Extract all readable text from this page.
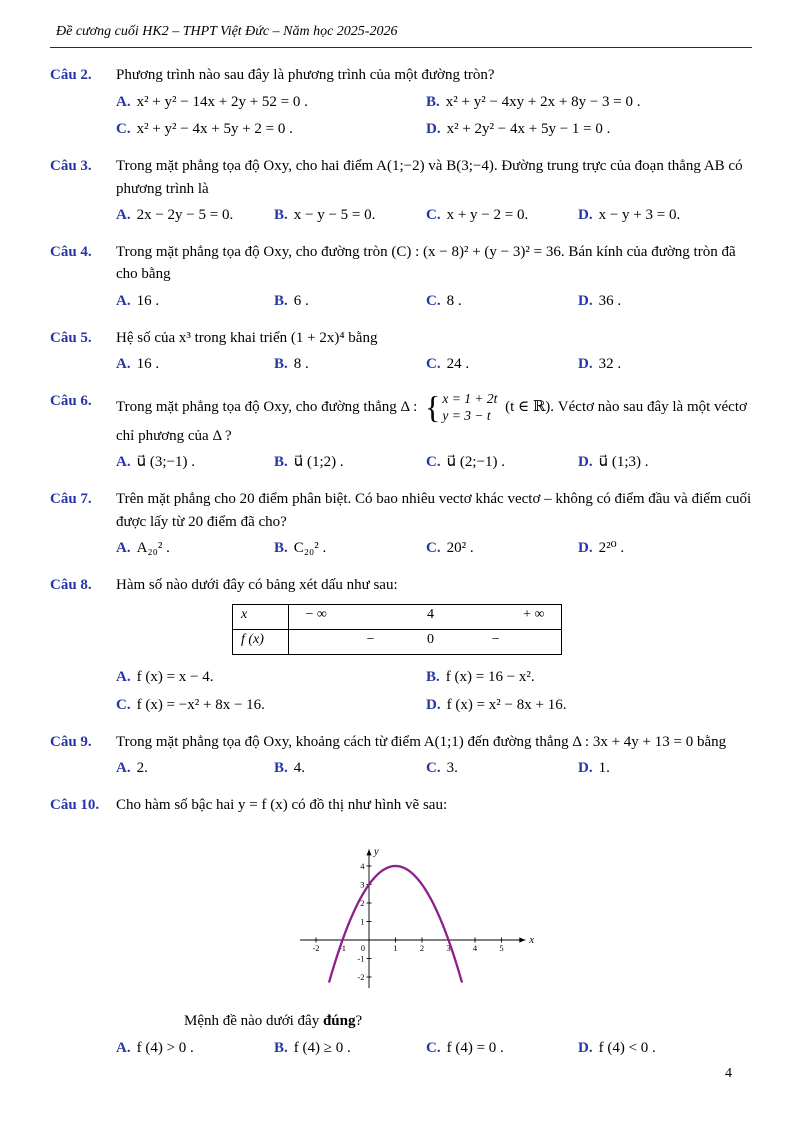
Đề cương cuối HK2 – THPT Việt Đức – Năm học 2025-2026
Câu 2.	Phương trình nào sau đây là phương trình của một đường tròn?
A. x² + y² − 14x + 2y + 52 = 0 .	B. x² + y² − 4xy + 2x + 8y − 3 = 0 .
C. x² + y² − 4x + 5y + 2 = 0 .	D. x² + 2y² − 4x + 5y − 1 = 0 .
Câu 3.	Trong mặt phẳng tọa độ Oxy, cho hai điểm A(1;−2) và B(3;−4). Đường trung trực của đoạn thẳng AB có phương trình là
A. 2x − 2y − 5 = 0.	B. x − y − 5 = 0.	C. x + y − 2 = 0.	D. x − y + 3 = 0.
Câu 4.	Trong mặt phẳng tọa độ Oxy, cho đường tròn (C) : (x − 8)² + (y − 3)² = 36. Bán kính của đường tròn đã cho bằng
A. 16 .	B. 6 .	C. 8 .	D. 36 .
Câu 5.	Hệ số của x³ trong khai triển (1 + 2x)⁴ bằng
A. 16 .	B. 8 .	C. 24 .	D. 32 .
Câu 6.	Trong mặt phẳng tọa độ Oxy, cho đường thẳng Δ : { x = 1 + 2t
y = 3 − t
(t ∈ ℝ). Véctơ nào sau đây là một véctơ chỉ phương của Δ ?
A. u⃗ (3;−1) .	B. u⃗ (1;2) .	C. u⃗ (2;−1) .	D. u⃗ (1;3) .
Câu 7.	Trên mặt phẳng cho 20 điểm phân biệt. Có bao nhiêu vectơ khác vectơ – không có điểm đầu và điểm cuối được lấy từ 20 điểm đã cho?
A. A₂₀² .	B. C₂₀² .	C. 20² .	D. 2²⁰ .
Câu 8.	Hàm số nào dưới đây có bảng xét dấu như sau:
x	− ∞	4	+ ∞
f (x)	−	0	−
A. f (x) = x − 4.	B. f (x) = 16 − x².
C. f (x) = −x² + 8x − 16.	D. f (x) = x² − 8x + 16.
Câu 9.	Trong mặt phẳng tọa độ Oxy, khoảng cách từ điểm A(1;1) đến đường thẳng Δ : 3x + 4y + 13 = 0 bằng
A. 2.	B. 4.	C. 3.	D. 1.
Câu 10.	Cho hàm số bậc hai y = f (x) có đồ thị như hình vẽ sau:
-2 -1	1	2	3	4	5
-2
-1
1
2
3
4
0
x
y
Mệnh đề nào dưới đây đúng?
A. f (4) > 0 .	B. f (4) ≥ 0 .	C. f (4) = 0 .	D. f (4) < 0 .
4
